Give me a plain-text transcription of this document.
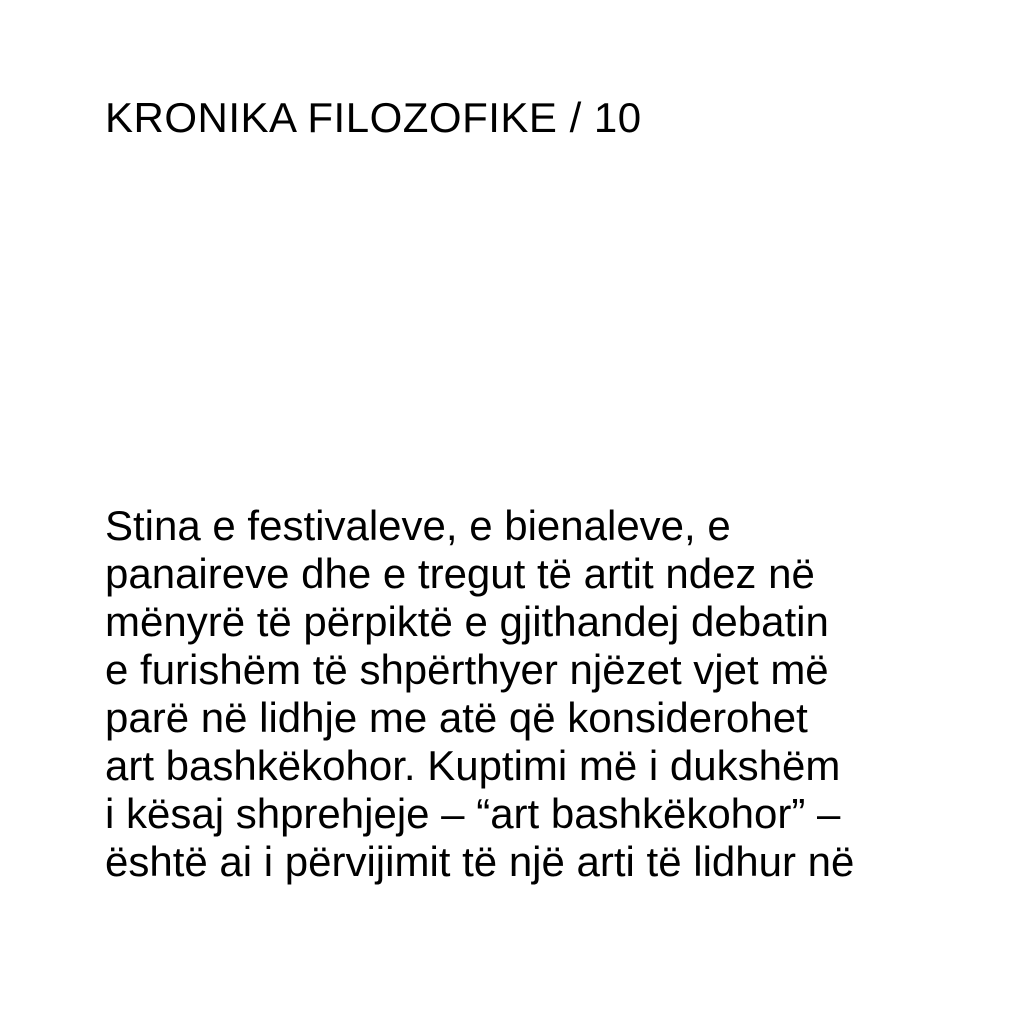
KRONIKA FILOZOFIKE / 10
Stina e festivaleve, e bienaleve, e
panaireve dhe e tregut të artit ndez në
mënyrë të përpiktë e gjithandej debatin
e furishëm të shpërthyer njëzet vjet më
parë në lidhje me atë që konsiderohet
art bashkëkohor. Kuptimi më i dukshëm
i kësaj shprehjeje – “art bashkëkohor” –
është ai i përvijimit të një arti të lidhur në
